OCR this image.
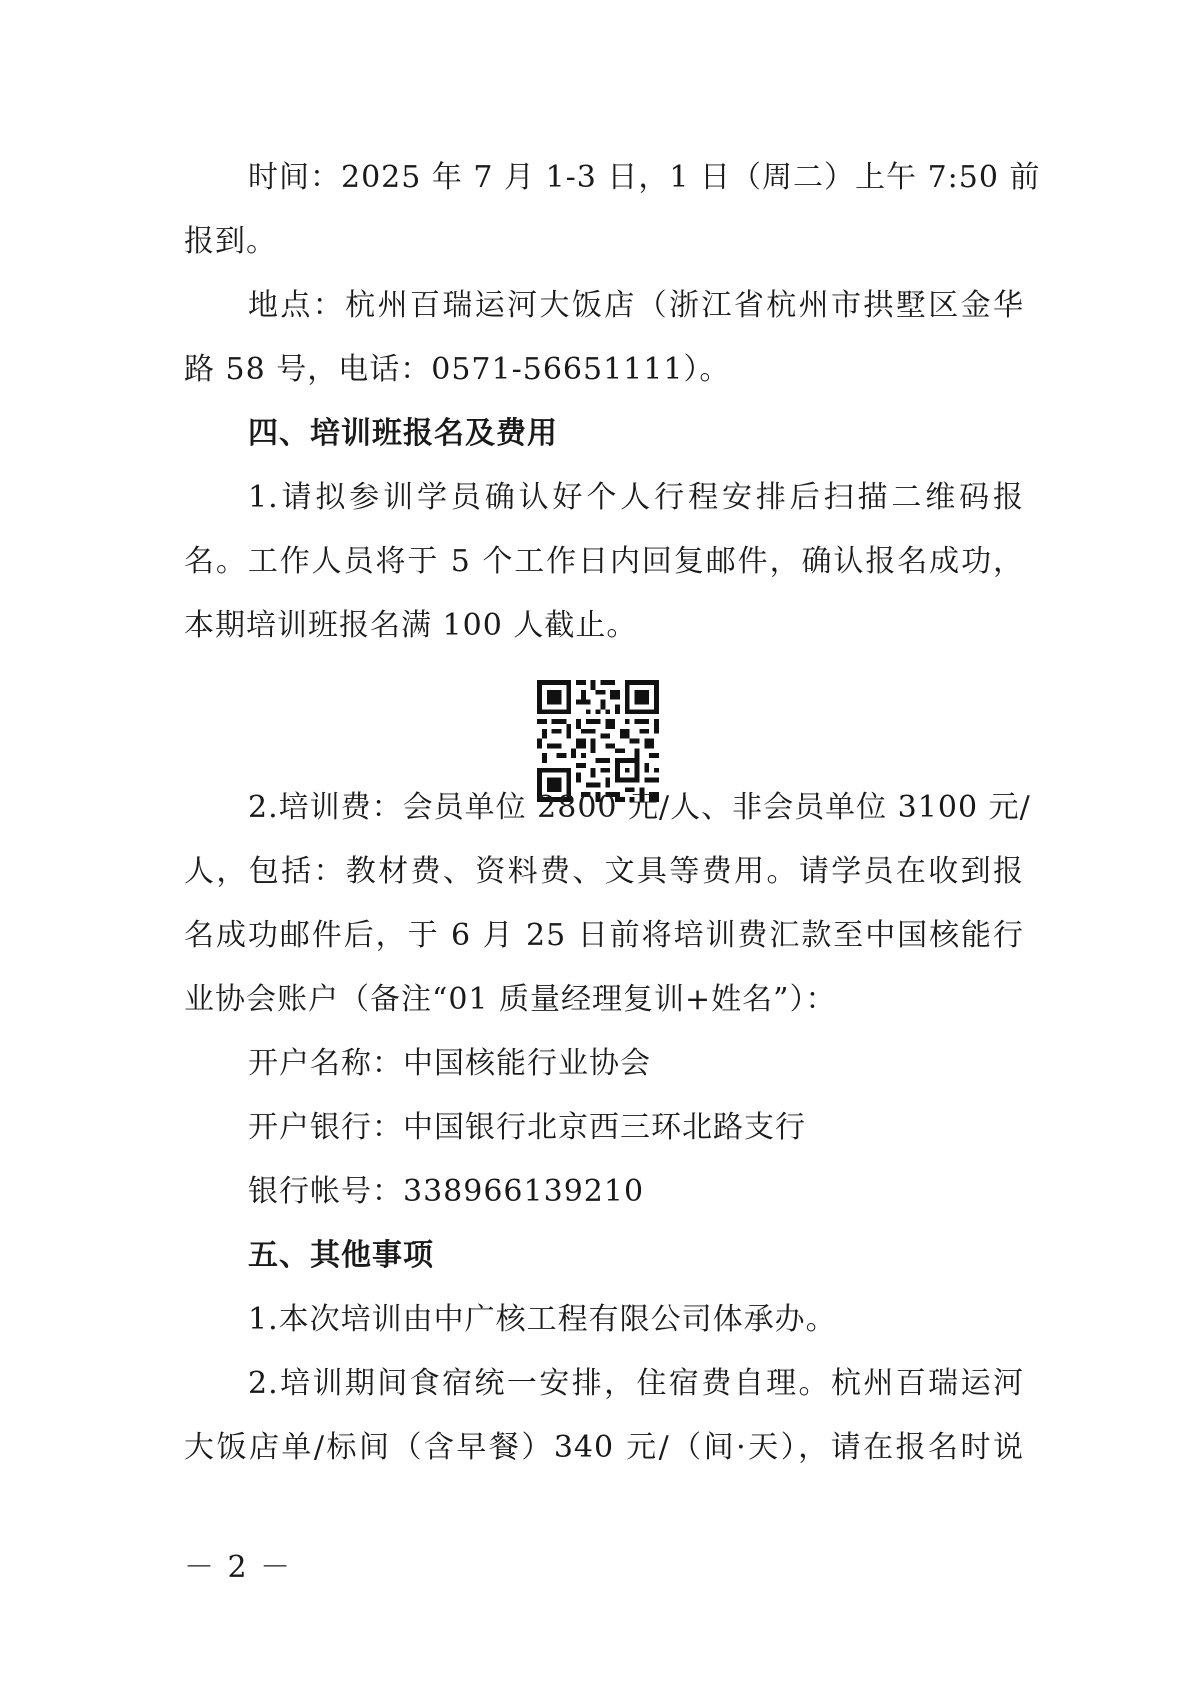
时间：2025 年 7 月 1-3 日，1 日（周二）上午 7:50 前
报到。
地点：杭州百瑞运河大饭店（浙江省杭州市拱墅区金华
路 58 号，电话：0571-56651111）。
四、培训班报名及费用
1.请拟参训学员确认好个人行程安排后扫描二维码报
名。工作人员将于 5 个工作日内回复邮件，确认报名成功，
本期培训班报名满 100 人截止。
2.培训费：会员单位 2800 元/人、非会员单位 3100 元/
人，包括：教材费、资料费、文具等费用。请学员在收到报
名成功邮件后，于 6 月 25 日前将培训费汇款至中国核能行
业协会账户（备注“01 质量经理复训+姓名”）：
开户名称：中国核能行业协会
开户银行：中国银行北京西三环北路支行
银行帐号：338966139210
五、其他事项
1.本次培训由中广核工程有限公司体承办。
2.培训期间食宿统一安排，住宿费自理。杭州百瑞运河
大饭店单/标间（含早餐）340 元/（间·天），请在报名时说
－ 2 －
